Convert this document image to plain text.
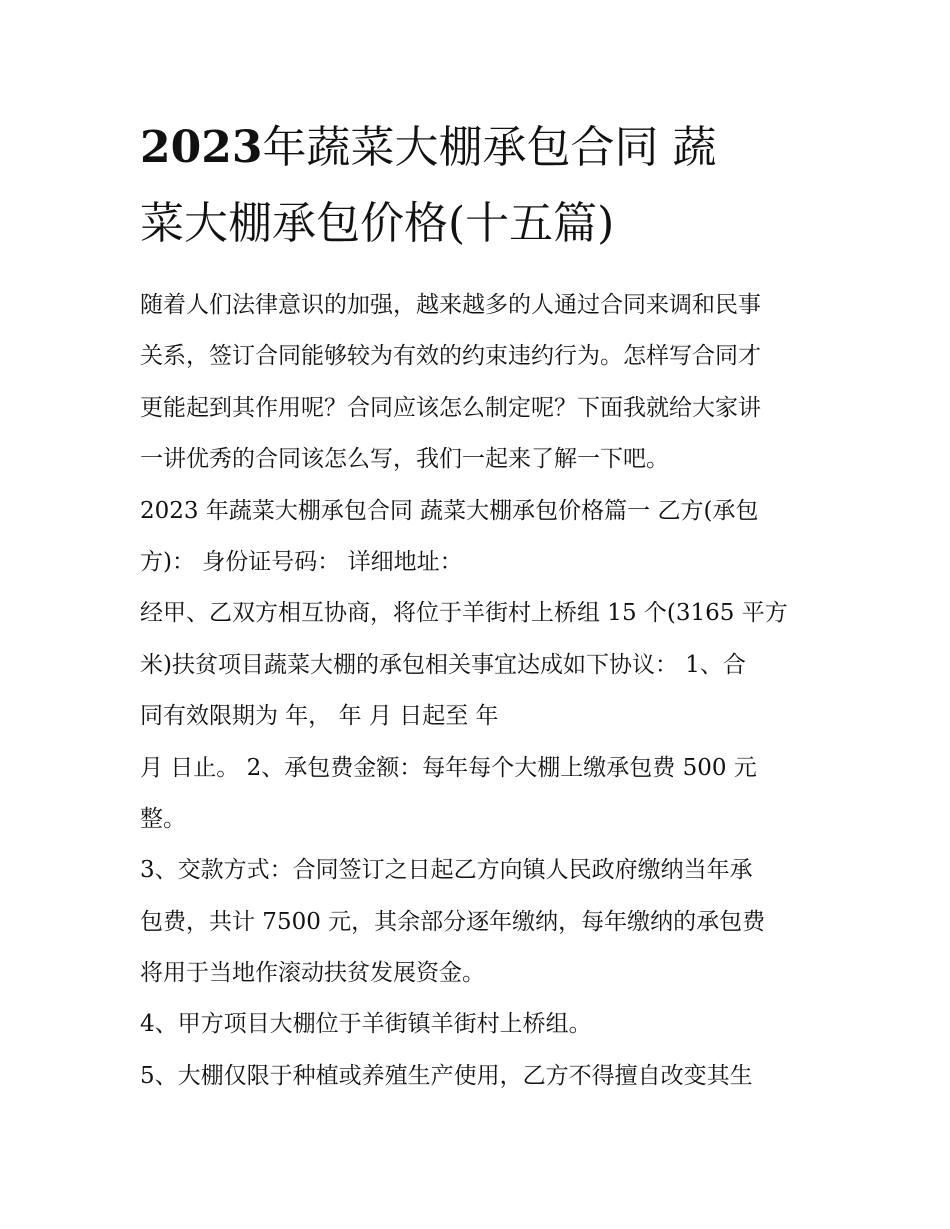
2023年蔬菜大棚承包合同 蔬
菜大棚承包价格(十五篇)
随着人们法律意识的加强，越来越多的人通过合同来调和民事
关系，签订合同能够较为有效的约束违约行为。怎样写合同才
更能起到其作用呢？合同应该怎么制定呢？下面我就给大家讲
一讲优秀的合同该怎么写，我们一起来了解一下吧。
2023 年蔬菜大棚承包合同 蔬菜大棚承包价格篇一 乙方(承包
方)： 身份证号码： 详细地址：
经甲、乙双方相互协商，将位于羊街村上桥组 15 个(3165 平方
米)扶贫项目蔬菜大棚的承包相关事宜达成如下协议： 1、合
同有效限期为 年， 年 月 日起至 年
月 日止。 2、承包费金额：每年每个大棚上缴承包费 500 元
整。
3、交款方式：合同签订之日起乙方向镇人民政府缴纳当年承
包费，共计 7500 元，其余部分逐年缴纳，每年缴纳的承包费
将用于当地作滚动扶贫发展资金。
4、甲方项目大棚位于羊街镇羊街村上桥组。
5、大棚仅限于种植或养殖生产使用，乙方不得擅自改变其生
